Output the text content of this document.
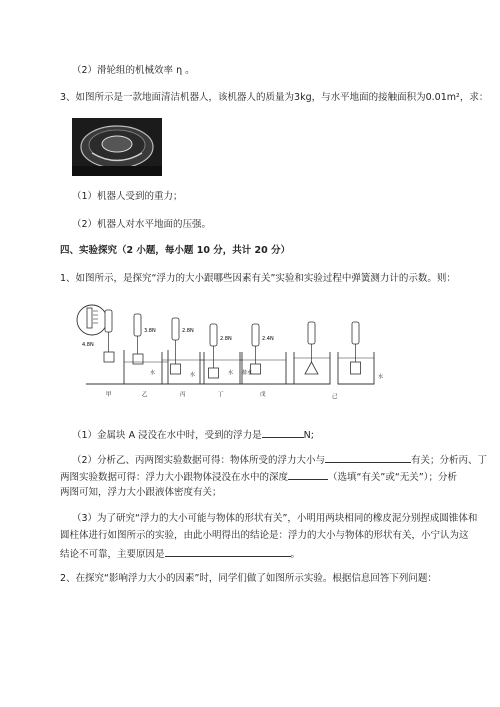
（2）滑轮组的机械效率 η 。
3、如图所示是一款地面清洁机器人，该机器人的质量为3kg，与水平地面的接触面积为0.01m²，求：
（1）机器人受到的重力；
（2）机器人对水平地面的压强。
四、实验探究（2 小题，每小题 10 分，共计 20 分）
1、如图所示，是探究“浮力的大小跟哪些因素有关”实验和实验过程中弹簧测力计的示数。则：
4.8N
3.8N
水
2.8N
水
2.8N
水
2.4N
盐水
水
甲	乙	丙	丁	戊	己
（1）金属块 A 浸没在水中时，受到的浮力是	N;
（2）分析乙、丙两图实验数据可得：物体所受的浮力大小与	有关；分析丙、丁
两图实验数据可得：浮力大小跟物体浸没在水中的深度	（选填“有关”或“无关”）；分析
两图可知，浮力大小跟液体密度有关；
（3）为了研究“浮力的大小可能与物体的形状有关”，小明用两块相同的橡皮泥分别捏成圆锥体和
圆柱体进行如图所示的实验，由此小明得出的结论是：浮力的大小与物体的形状有关，小宁认为这
结论不可靠，主要原因是	。
2、在探究“影响浮力大小的因素”时，同学们做了如图所示实验。根据信息回答下列问题：
